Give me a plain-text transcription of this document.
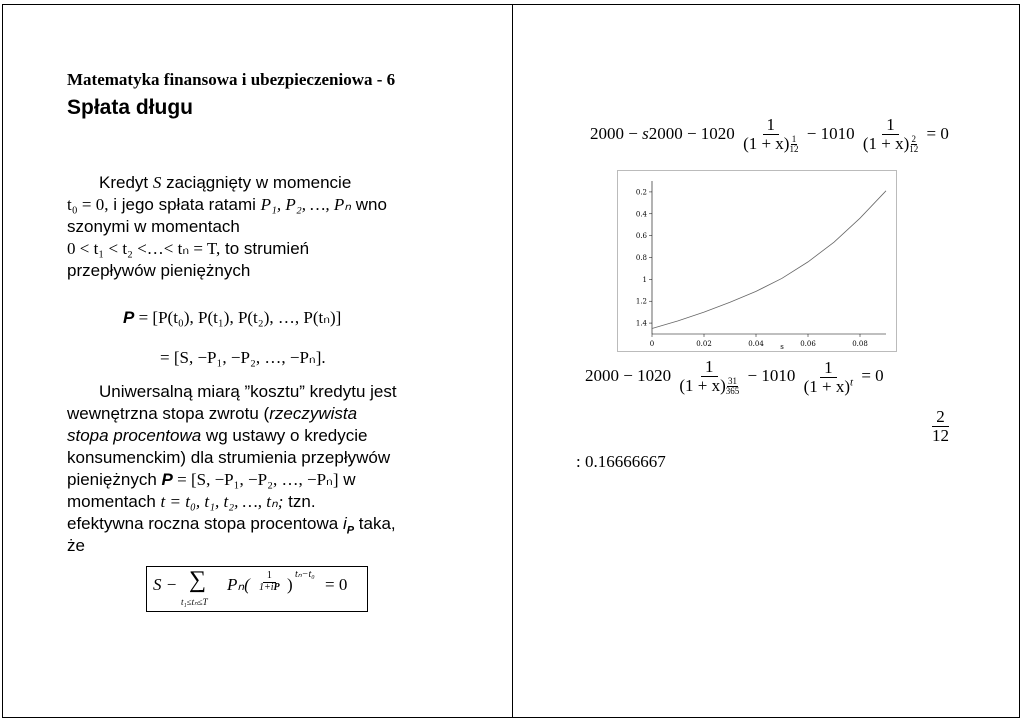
Matematyka finansowa i ubezpieczeniowa - 6
Spłata długu
Kredyt S zaciągnięty w momencie
t₀ = 0, i jego spłata ratami P₁, P₂, …, Pₙ wno
szonymi w momentach
0 < t₁ < t₂ <…< tₙ = T, to strumień
przepływów pieniężnych
P = [P(t₀), P(t₁), P(t₂), …, P(tₙ)]
= [S, −P₁, −P₂, …, −Pₙ].
Uniwersalną miarą ”kosztu” kredytu jest
wewnętrzna stopa zwrotu (rzeczywista
stopa procentowa wg ustawy o kredycie
konsumenckim) dla strumienia przepływów
pieniężnych P = [S, −P₁, −P₂, …, −Pₙ] w
momentach t = t₀, t₁, t₂, …, tₙ; tzn.
efektywna roczna stopa procentowa $i_P$ taka,
że
S − ∑
t₁≤tₙ≤T
$P_n( \frac{1}{1+iP}$ )
tₙ−t₀
= 0
$2000 - s2000 - 1020 \frac{1}{(1 + x) \frac{1}{12}} - 1010 \frac{1}{(1 + x) \frac{2}{12}} = 0$
1.4
1.2
1
0.8
0.6
0.4
0.2
0	0.02	0.04	0.06	0.08
s
$2000 - 1020 \frac{1}{(1 + x) \frac{31}{365}} - 1010 \frac{1}{(1 + x)^t} = 0$
$\frac{2}{12}$
: 0.16666667
